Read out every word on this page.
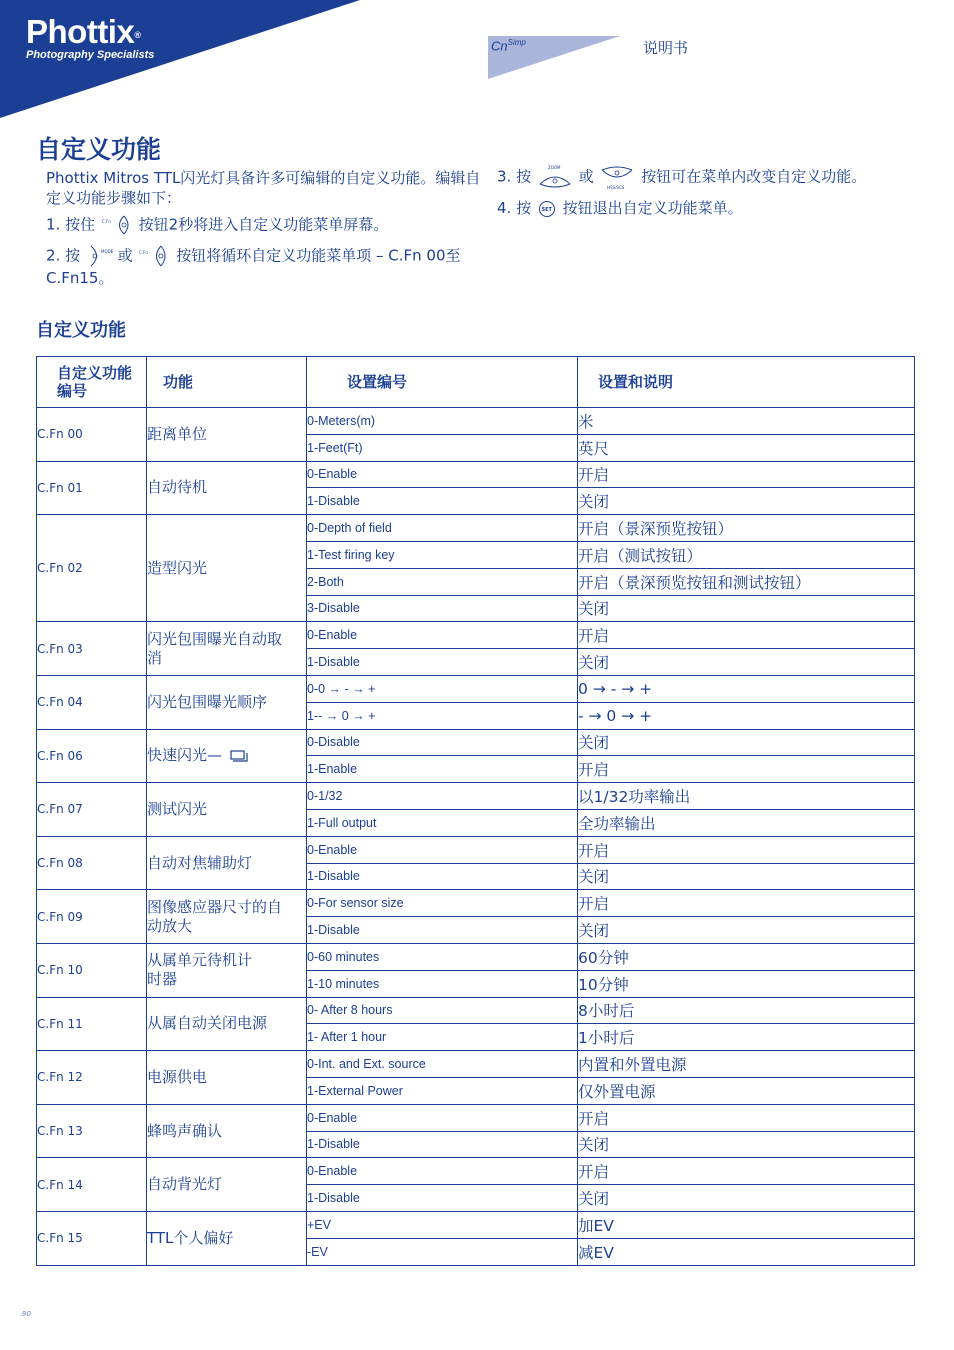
Phottix®
Photography Specialists
$Cn^{Simp}$	说明书
自定义功能

Phottix Mitros TTL闪光灯具备许多可编辑的自定义功能。编辑自定义功能步骤如下：

1. 按住 C.Fn 按钮2秒将进入自定义功能菜单屏幕。

2. 按	MODE 或 C.Fn 按钮将循环自定义功能菜单项 – C.Fn 00至C.Fn15。

3. 按	ZOOM 或
HSS/SCS
按钮可在菜单内改变自定义功能。

4. 按 SET 按钮退出自定义功能菜单。

自定义功能
自定义功能编号	功能	设置编号	设置和说明
C.Fn 00	距离单位	0-Meters(m)	米
		1-Feet(Ft)	英尺
C.Fn 01	自动待机	0-Enable	开启
		1-Disable	关闭
C.Fn 02	造型闪光	0-Depth of field	开启（景深预览按钮）
		1-Test firing key	开启（测试按钮）
		2-Both	开启（景深预览按钮和测试按钮）
		3-Disable	关闭
C.Fn 03	闪光包围曝光自动取消	0-Enable	开启
		1-Disable	关闭
C.Fn 04	闪光包围曝光顺序	0-0 → - → +	0 → - → +
		1-- → 0 → +	- → 0 → +
C.Fn 06	快速闪光—	0-Disable	关闭
		1-Enable	开启
C.Fn 07	测试闪光	0-1/32	以1/32功率输出
		1-Full output	全功率输出
C.Fn 08	自动对焦辅助灯	0-Enable	开启
		1-Disable	关闭
C.Fn 09	图像感应器尺寸的自动放大	0-For sensor size	开启
		1-Disable	关闭
C.Fn 10	从属单元待机计时器	0-60 minutes	60分钟
		1-10 minutes	10分钟
C.Fn 11	从属自动关闭电源	0- After 8 hours	8小时后
		1- After 1 hour	1小时后
C.Fn 12	电源供电	0-Int. and Ext. source	内置和外置电源
		1-External Power	仅外置电源
C.Fn 13	蜂鸣声确认	0-Enable	开启
		1-Disable	关闭
C.Fn 14	自动背光灯	0-Enable	开启
		1-Disable	关闭
C.Fn 15	TTL个人偏好	+EV	加EV
		-EV	减EV
90
